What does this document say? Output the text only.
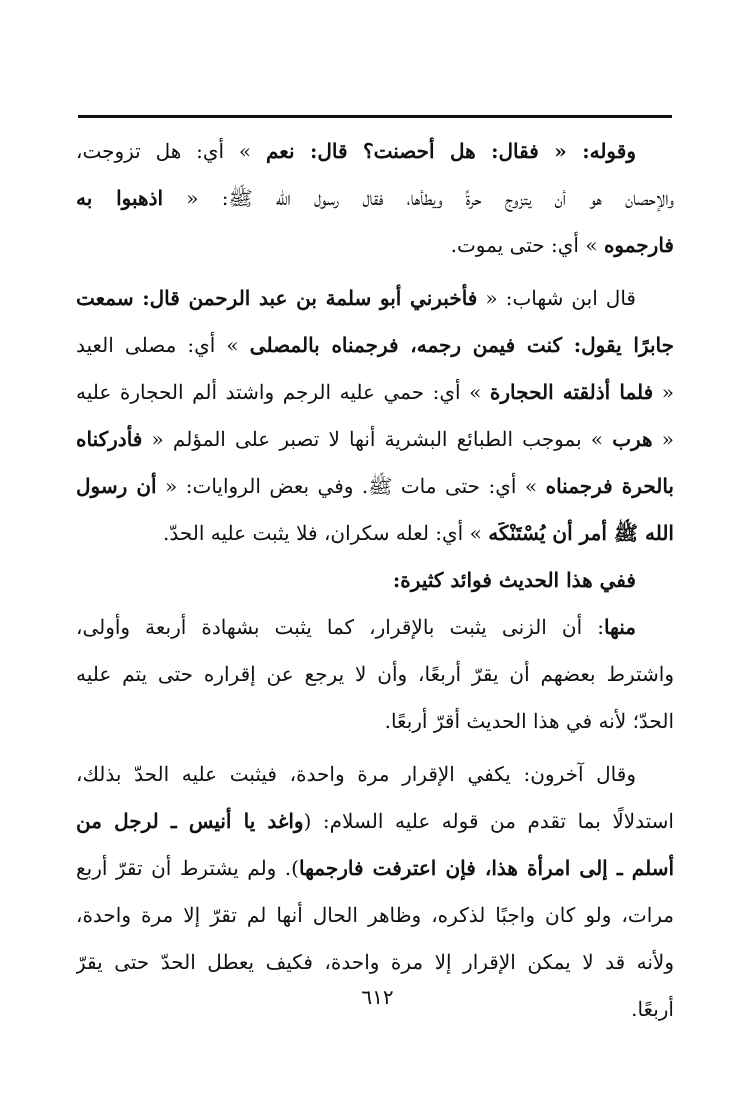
وقوله: « فقال: هل أحصنت؟ قال: نعم » أي: هل تزوجت،
والإحصان هو أن يتزوج حرةً ويطأها، فقال رسول الله ﷺ: « اذهبوا به
فارجموه » أي: حتى يموت.
قال ابن شهاب: « فأخبرني أبو سلمة بن عبد الرحمن قال: سمعت
جابرًا يقول: كنت فيمن رجمه، فرجمناه بالمصلى » أي: مصلى العيد
« فلما أذلقته الحجارة » أي: حمي عليه الرجم واشتد ألم الحجارة عليه
« هرب » بموجب الطبائع البشرية أنها لا تصبر على المؤلم « فأدركناه
بالحرة فرجمناه » أي: حتى مات ﷺ. وفي بعض الروايات: « أن رسول
الله ﷺ أمر أن يُسْتَنْكَه » أي: لعله سكران، فلا يثبت عليه الحدّ.
ففي هذا الحديث فوائد كثيرة:
منها: أن الزنى يثبت بالإقرار، كما يثبت بشهادة أربعة وأولى،
واشترط بعضهم أن يقرّ أربعًا، وأن لا يرجع عن إقراره حتى يتم عليه
الحدّ؛ لأنه في هذا الحديث أقرّ أربعًا.
وقال آخرون: يكفي الإقرار مرة واحدة، فيثبت عليه الحدّ بذلك،
استدلالًا بما تقدم من قوله عليه السلام: (واغد يا أنيس ـ لرجل من
أسلم ـ إلى امرأة هذا، فإن اعترفت فارجمها). ولم يشترط أن تقرّ أربع
مرات، ولو كان واجبًا لذكره، وظاهر الحال أنها لم تقرّ إلا مرة واحدة،
ولأنه قد لا يمكن الإقرار إلا مرة واحدة، فكيف يعطل الحدّ حتى يقرّ
أربعًا.
٦١٢
